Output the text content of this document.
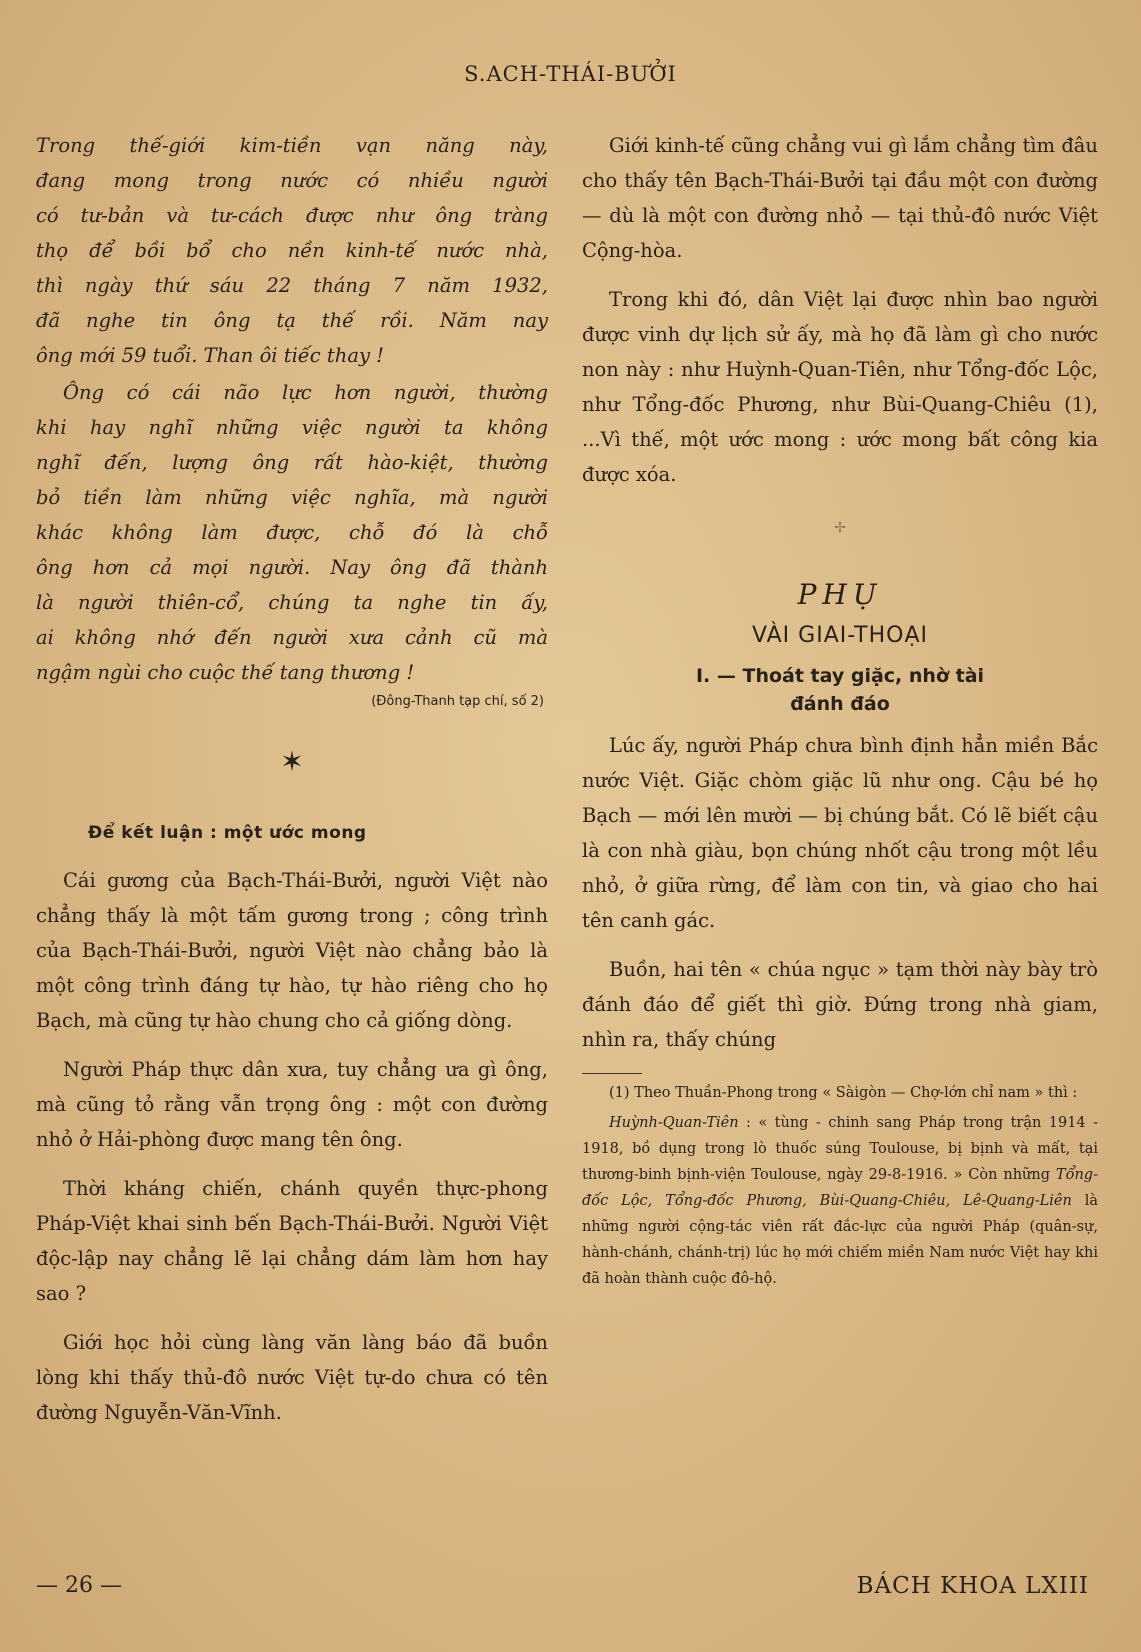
S.ACH-THÁI-BƯỞI

Trong thế-giới kim-tiền vạn năng này,

đang mong trong nước có nhiều người

có tư-bản và tư-cách được như ông tràng

thọ để bồi bổ cho nền kinh-tế nước nhà,

thì ngày thứ sáu 22 tháng 7 năm 1932,

đã nghe tin ông tạ thế rồi. Năm nay

ông mới 59 tuổi. Than ôi tiếc thay !

Ông có cái não lực hơn người, thường

khi hay nghĩ những việc người ta không

nghĩ đến, lượng ông rất hào-kiệt, thường

bỏ tiền làm những việc nghĩa, mà người

khác không làm được, chỗ đó là chỗ

ông hơn cả mọi người. Nay ông đã thành

là người thiên-cổ, chúng ta nghe tin ấy,

ai không nhớ đến người xưa cảnh cũ mà

ngậm ngùi cho cuộc thế tang thương !

(Đông-Thanh tạp chí, số 2)
✶
Để kết luận : một ước mong

Cái gương của Bạch-Thái-Bưởi, người Việt nào chẳng thấy là một tấm gương trong ; công trình của Bạch-Thái-Bưởi, người Việt nào chẳng bảo là một công trình đáng tự hào, tự hào riêng cho họ Bạch, mà cũng tự hào chung cho cả giống dòng.

Người Pháp thực dân xưa, tuy chẳng ưa gì ông, mà cũng tỏ rằng vẫn trọng ông : một con đường nhỏ ở Hải-phòng được mang tên ông.

Thời kháng chiến, chánh quyền thực-phong Pháp-Việt khai sinh bến Bạch-Thái-Bưởi. Người Việt độc-lập nay chẳng lẽ lại chẳng dám làm hơn hay sao ?

Giới học hỏi cùng làng văn làng báo đã buồn lòng khi thấy thủ-đô nước Việt tự-do chưa có tên đường Nguyễn-Văn-Vĩnh.

Giới kinh-tế cũng chẳng vui gì lắm chẳng tìm đâu cho thấy tên Bạch-Thái-Bưởi tại đầu một con đường — dù là một con đường nhỏ — tại thủ-đô nước Việt Cộng-hòa.

Trong khi đó, dân Việt lại được nhìn bao người được vinh dự lịch sử ấy, mà họ đã làm gì cho nước non này : như Huỳnh-Quan-Tiên, như Tổng-đốc Lộc, như Tổng-đốc Phương, như Bùi-Quang-Chiêu (1), ...Vì thế, một ước mong : ước mong bất công kia được xóa.

✢
PHỤ
VÀI GIAI-THOẠI
I. — Thoát tay giặc, nhờ tài
đánh đáo

Lúc ấy, người Pháp chưa bình định hẳn miền Bắc nước Việt. Giặc chòm giặc lũ như ong. Cậu bé họ Bạch — mới lên mười — bị chúng bắt. Có lẽ biết cậu là con nhà giàu, bọn chúng nhốt cậu trong một lều nhỏ, ở giữa rừng, để làm con tin, và giao cho hai tên canh gác.

Buồn, hai tên « chúa ngục » tạm thời này bày trò đánh đáo để giết thì giờ. Đứng trong nhà giam, nhìn ra, thấy chúng

(1) Theo Thuần-Phong trong « Sàigòn — Chợ-lớn chỉ nam » thì :

Huỳnh-Quan-Tiên : « tùng - chinh sang Pháp trong trận 1914 - 1918, bồ dụng trong lò thuốc súng Toulouse, bị bịnh và mất, tại thương-binh bịnh-viện Toulouse, ngày 29-8-1916. » Còn những Tổng-đốc Lộc, Tổng-đốc Phương, Bùi-Quang-Chiêu, Lê-Quang-Liên là những người cộng-tác viên rất đắc-lực của người Pháp (quân-sự, hành-chánh, chánh-trị) lúc họ mới chiếm miền Nam nước Việt hay khi đã hoàn thành cuộc đô-hộ.

— 26 —	BÁCH KHOA LXIII
